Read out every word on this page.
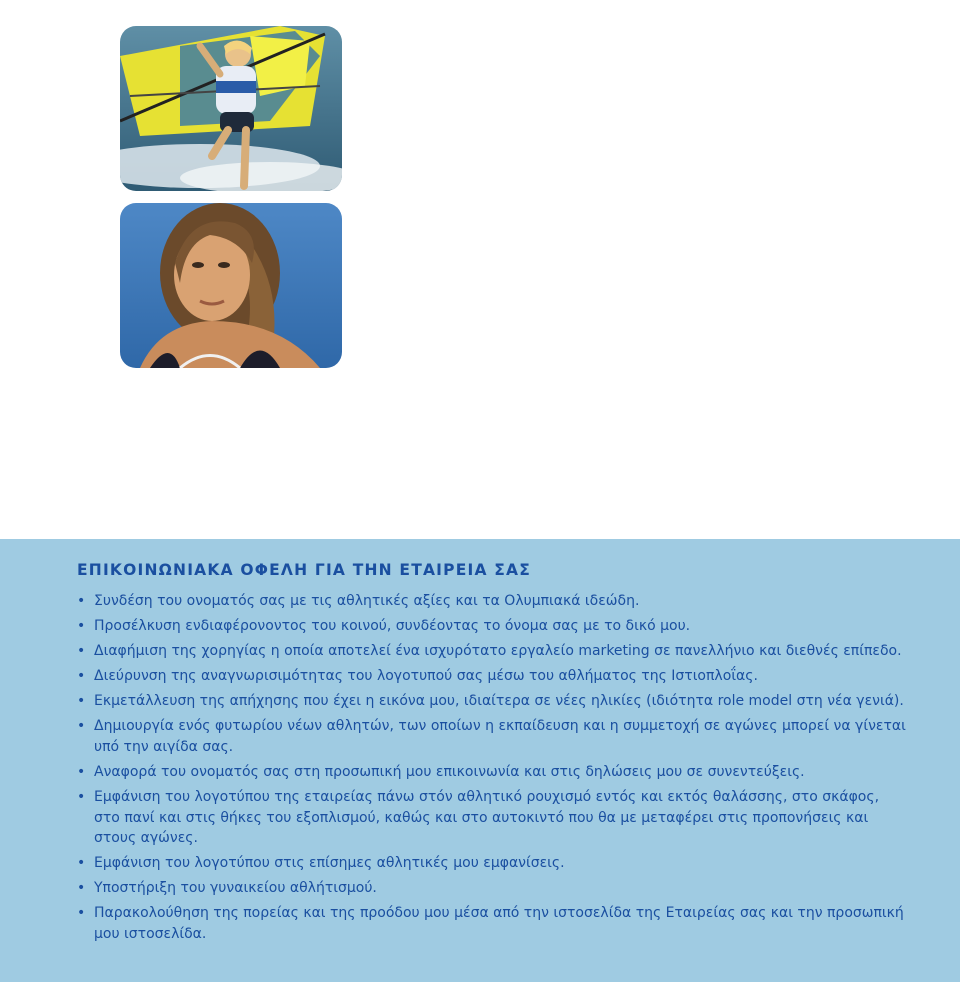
ΕΠΙΚΟΙΝΩΝΙΑΚΑ ΟΦΕΛΗ ΓΙΑ ΤΗΝ ΕΤΑΙΡΕΙΑ ΣΑΣ
• Συνδέση του ονοματός σας με τις αθλητικές αξίες και τα Ολυμπιακά ιδεώδη.
• Προσέλκυση ενδιαφέρονοντος του κοινού, συνδέοντας το όνομα σας με το δικό μου.
• Διαφήμιση της χορηγίας η οποία αποτελεί ένα ισχυρότατο εργαλείο marketing σε πανελλήνιο και διεθνές επίπεδο.
• Διεύρυνση της αναγνωρισιμότητας του λογοτυπού σας μέσω του αθλήματος της Ιστιοπλοΐας.
• Εκμετάλλευση της απήχησης που έχει η εικόνα μου, ιδιαίτερα σε νέες ηλικίες (ιδιότητα role model στη νέα γενιά).
• Δημιουργία ενός φυτωρίου νέων αθλητών, των οποίων η εκπαίδευση και η συμμετοχή σε αγώνες μπορεί να γίνεται υπό την αιγίδα σας.
• Αναφορά του ονοματός σας στη προσωπική μου επικοινωνία και στις δηλώσεις μου σε συνεντεύξεις.
• Εμφάνιση του λογοτύπου της εταιρείας πάνω στόν αθλητικό ρουχισμό εντός και εκτός θαλάσσης, στο σκάφος, στο πανί και στις θήκες του εξοπλισμού, καθώς και στο αυτοκιντό που θα με μεταφέρει στις προπονήσεις και στους αγώνες.
• Εμφάνιση του λογοτύπου στις επίσημες αθλητικές μου εμφανίσεις.
• Υποστήριξη του γυναικείου αθλήτισμού.
• Παρακολούθηση της πορείας και της προόδου μου μέσα από την ιστοσελίδα της Εταιρείας σας και την προσωπική μου ιστοσελίδα.
